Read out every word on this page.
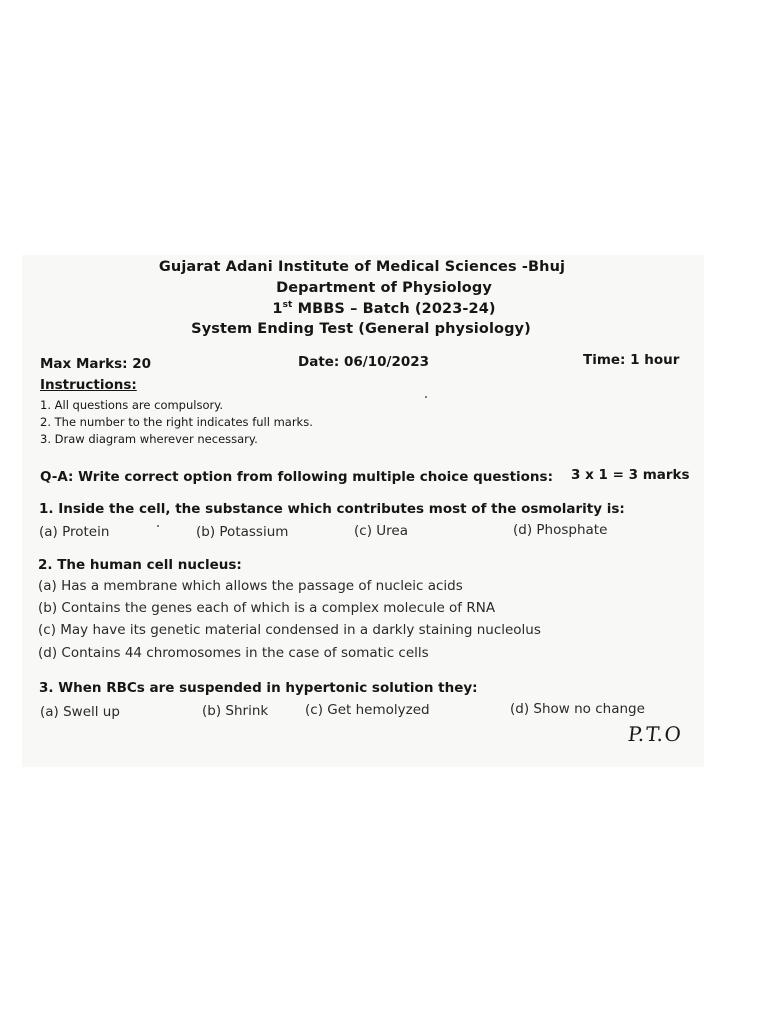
Gujarat Adani Institute of Medical Sciences -Bhuj
Department of Physiology
1st MBBS – Batch (2023-24)
System Ending Test (General physiology)
Max Marks: 20	Date: 06/10/2023	Time: 1 hour
Instructions:
1. All questions are compulsory.
2. The number to the right indicates full marks.
3. Draw diagram wherever necessary.
Q-A: Write correct option from following multiple choice questions: 3 x 1 = 3 marks
1. Inside the cell, the substance which contributes most of the osmolarity is:
(a) Protein	(b) Potassium	(c) Urea	(d) Phosphate
2. The human cell nucleus:
(a) Has a membrane which allows the passage of nucleic acids
(b) Contains the genes each of which is a complex molecule of RNA
(c) May have its genetic material condensed in a darkly staining nucleolus
(d) Contains 44 chromosomes in the case of somatic cells
3. When RBCs are suspended in hypertonic solution they:
(a) Swell up	(b) Shrink	(c) Get hemolyzed	(d) Show no change
P.T.O
